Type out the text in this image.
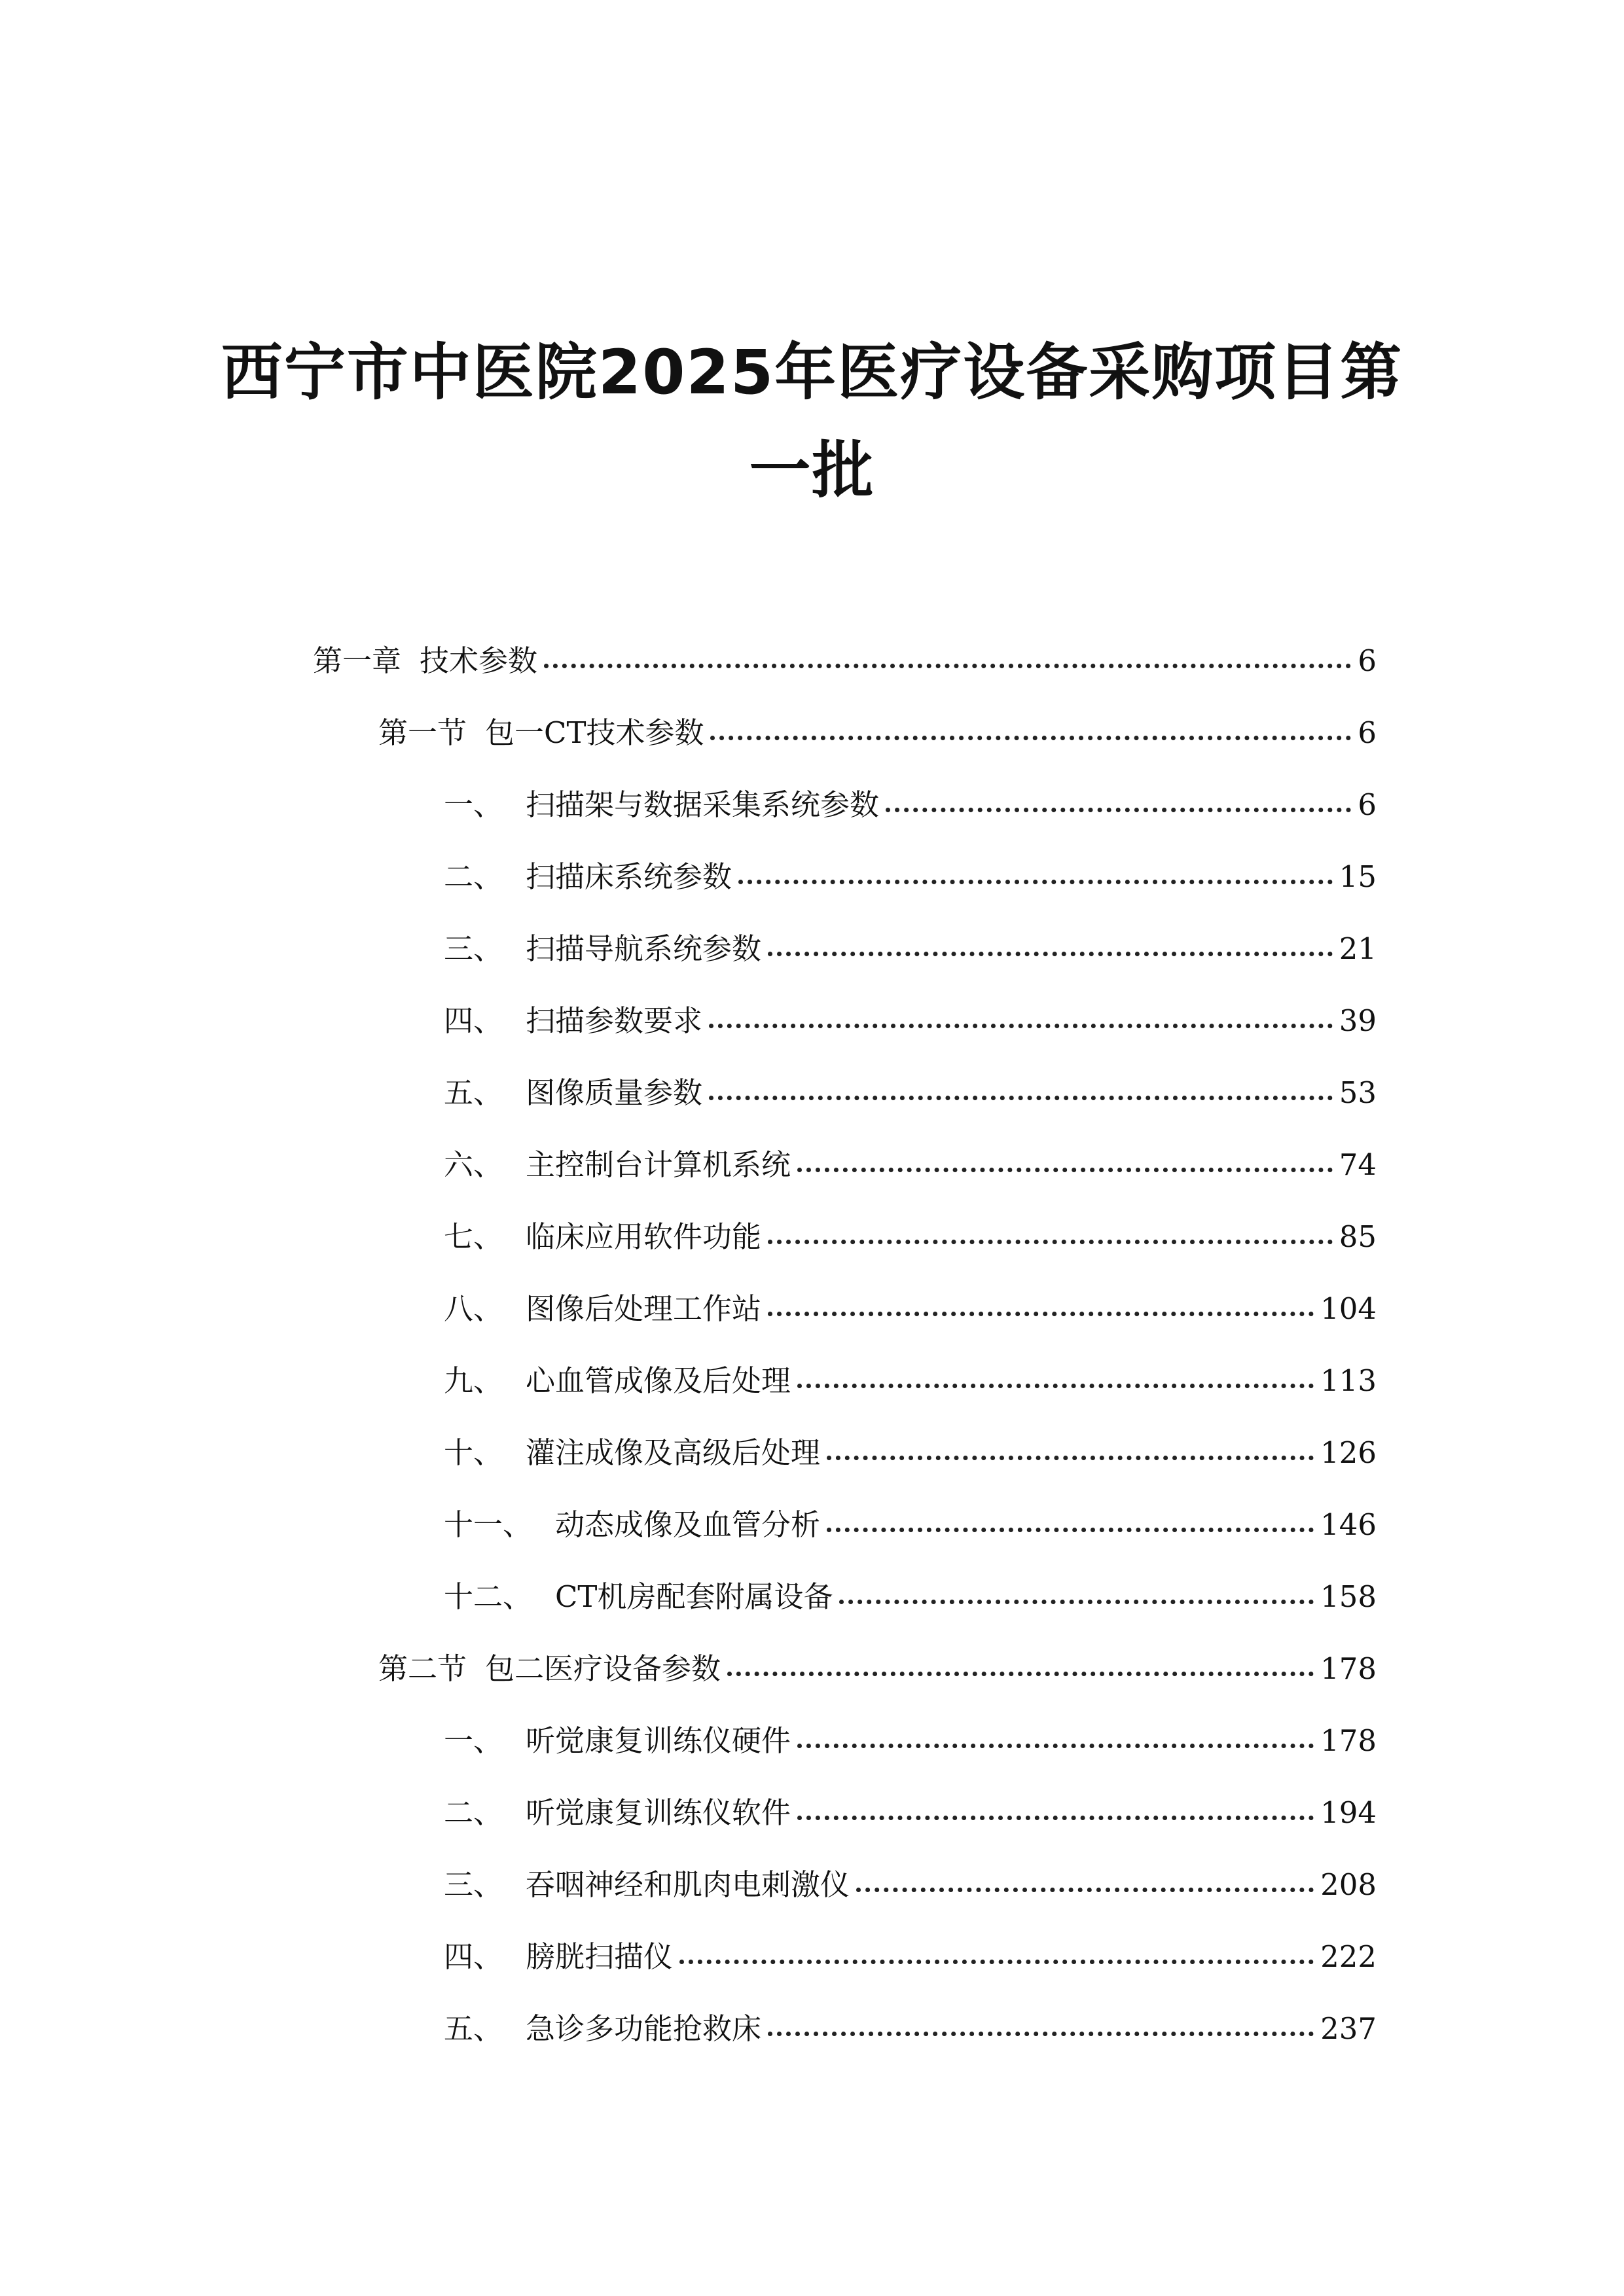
西宁市中医院2025年医疗设备采购项目第
一批
第一章 技术参数	6
第一节 包一CT技术参数	6
一、 扫描架与数据采集系统参数	6
二、 扫描床系统参数	15
三、 扫描导航系统参数	21
四、 扫描参数要求	39
五、 图像质量参数	53
六、 主控制台计算机系统	74
七、 临床应用软件功能	85
八、 图像后处理工作站	104
九、 心血管成像及后处理	113
十、 灌注成像及高级后处理	126
十一、 动态成像及血管分析	146
十二、 CT机房配套附属设备	158
第二节 包二医疗设备参数	178
一、 听觉康复训练仪硬件	178
二、 听觉康复训练仪软件	194
三、 吞咽神经和肌肉电刺激仪	208
四、 膀胱扫描仪	222
五、 急诊多功能抢救床	237
